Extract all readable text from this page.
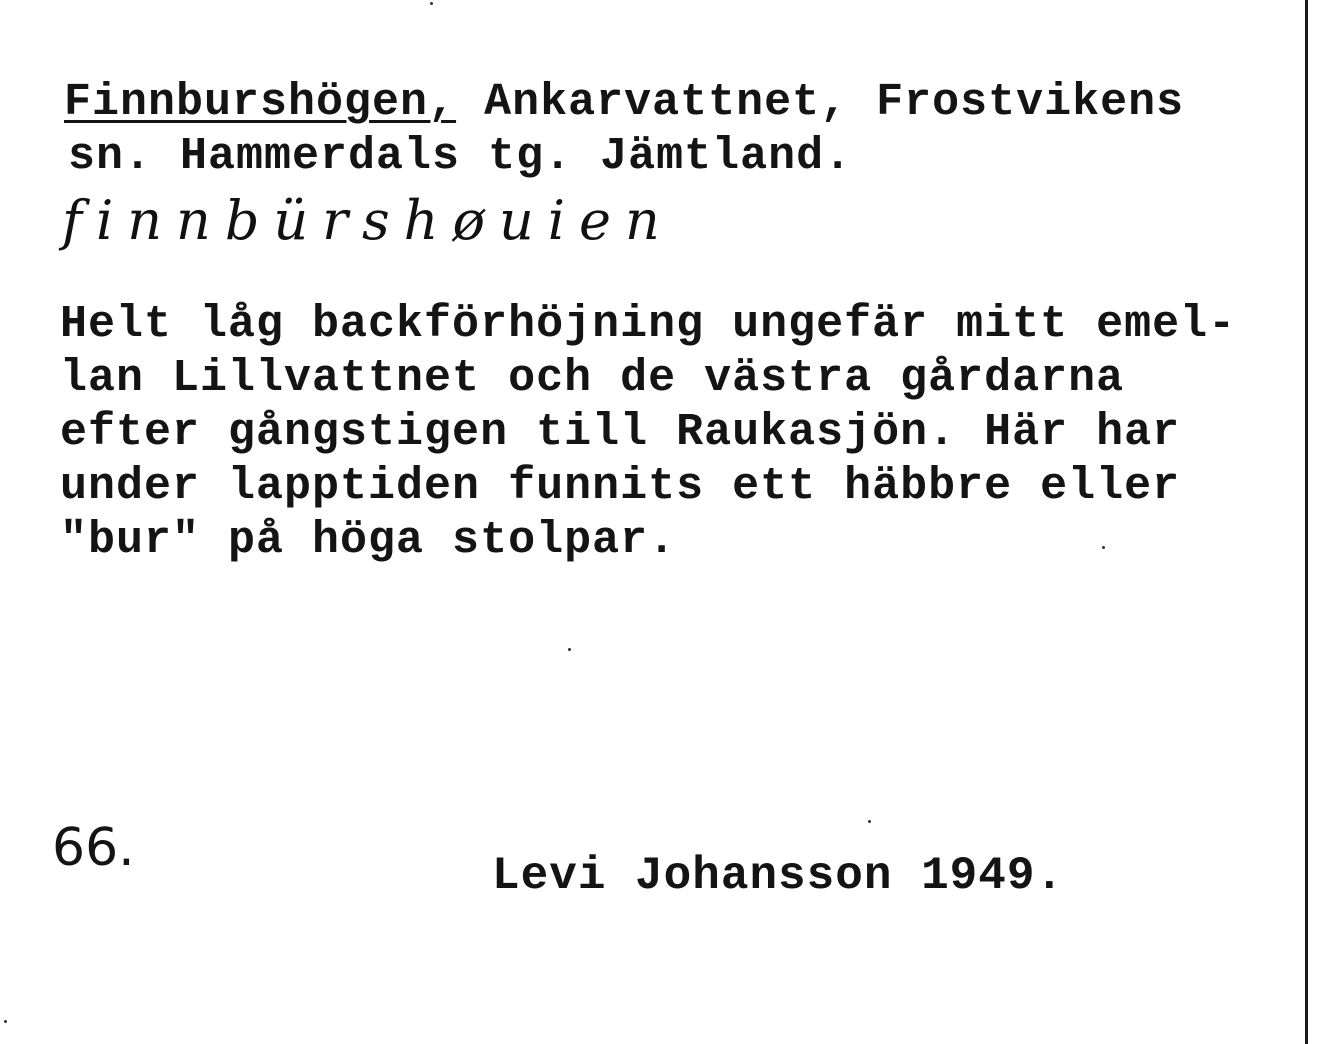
Finnburshögen, Ankarvattnet, Frostvikens
sn. Hammerdals tg. Jämtland.
finnbürshøuien
Helt låg backförhöjning ungefär mitt emel-
lan Lillvattnet och de västra gårdarna
efter gångstigen till Raukasjön. Här har
under lapptiden funnits ett häbbre eller
"bur" på höga stolpar.
66.	Levi Johansson 1949.
